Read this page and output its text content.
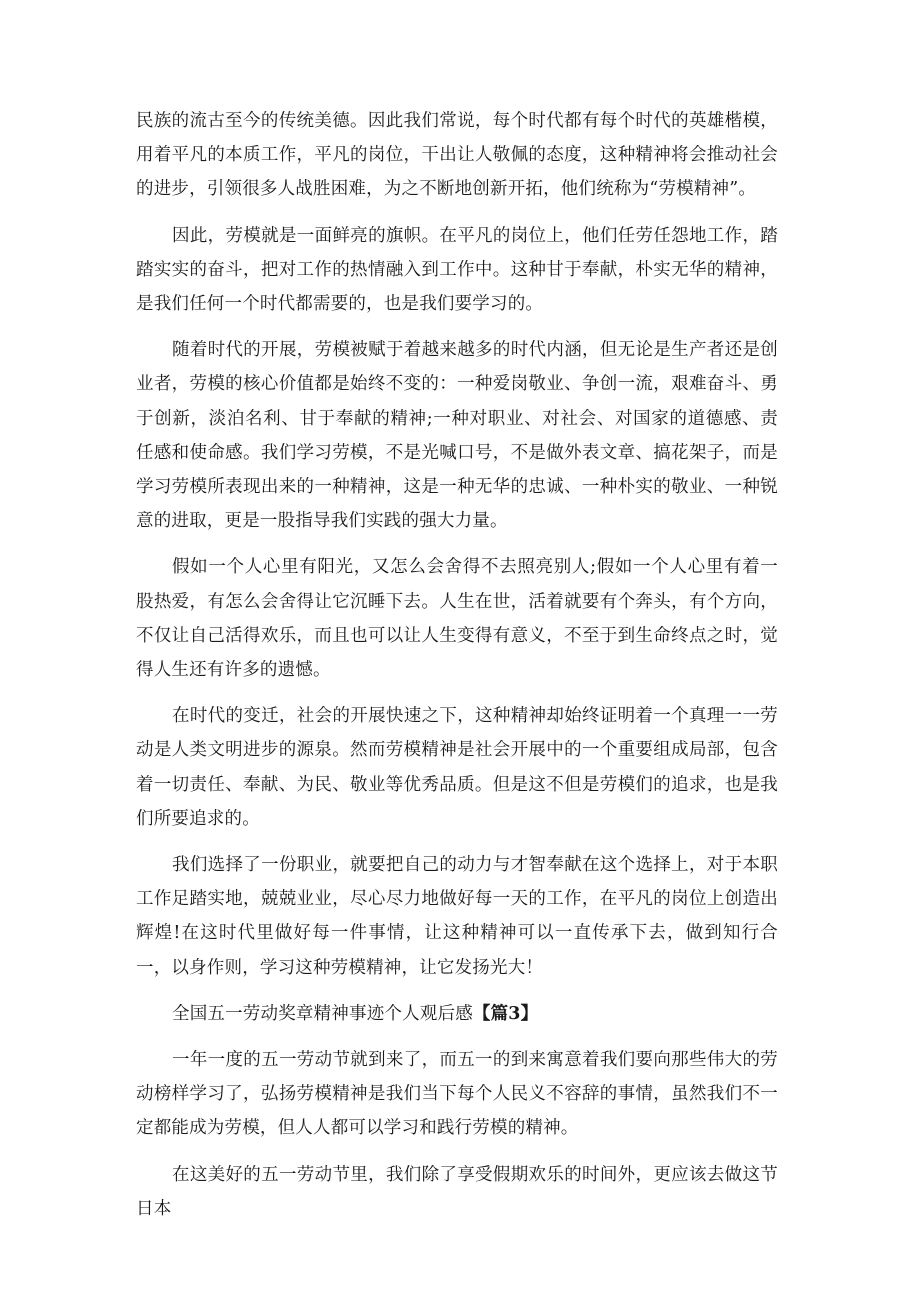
民族的流古至今的传统美德。因此我们常说，每个时代都有每个时代的英雄楷模，用着平凡的本质工作，平凡的岗位，干出让人敬佩的态度，这种精神将会推动社会的进步，引领很多人战胜困难，为之不断地创新开拓，他们统称为“劳模精神”。

因此，劳模就是一面鲜亮的旗帜。在平凡的岗位上，他们任劳任怨地工作，踏踏实实的奋斗，把对工作的热情融入到工作中。这种甘于奉献，朴实无华的精神，是我们任何一个时代都需要的，也是我们要学习的。

随着时代的开展，劳模被赋于着越来越多的时代内涵，但无论是生产者还是创业者，劳模的核心价值都是始终不变的：一种爱岗敬业、争创一流，艰难奋斗、勇于创新，淡泊名利、甘于奉献的精神;一种对职业、对社会、对国家的道德感、责任感和使命感。我们学习劳模，不是光喊口号，不是做外表文章、搞花架子，而是学习劳模所表现出来的一种精神，这是一种无华的忠诚、一种朴实的敬业、一种锐意的进取，更是一股指导我们实践的强大力量。

假如一个人心里有阳光，又怎么会舍得不去照亮别人;假如一个人心里有着一股热爱，有怎么会舍得让它沉睡下去。人生在世，活着就要有个奔头，有个方向，不仅让自己活得欢乐，而且也可以让人生变得有意义，不至于到生命终点之时，觉得人生还有许多的遗憾。

在时代的变迁，社会的开展快速之下，这种精神却始终证明着一个真理一一劳动是人类文明进步的源泉。然而劳模精神是社会开展中的一个重要组成局部，包含着一切责任、奉献、为民、敬业等优秀品质。但是这不但是劳模们的追求，也是我们所要追求的。

我们选择了一份职业，就要把自己的动力与才智奉献在这个选择上，对于本职工作足踏实地，兢兢业业，尽心尽力地做好每一天的工作，在平凡的岗位上创造出辉煌!在这时代里做好每一件事情，让这种精神可以一直传承下去，做到知行合一，以身作则，学习这种劳模精神，让它发扬光大！

全国五一劳动奖章精神事迹个人观后感【篇3】

一年一度的五一劳动节就到来了，而五一的到来寓意着我们要向那些伟大的劳动榜样学习了，弘扬劳模精神是我们当下每个人民义不容辞的事情，虽然我们不一定都能成为劳模，但人人都可以学习和践行劳模的精神。

在这美好的五一劳动节里，我们除了享受假期欢乐的时间外，更应该去做这节日本
